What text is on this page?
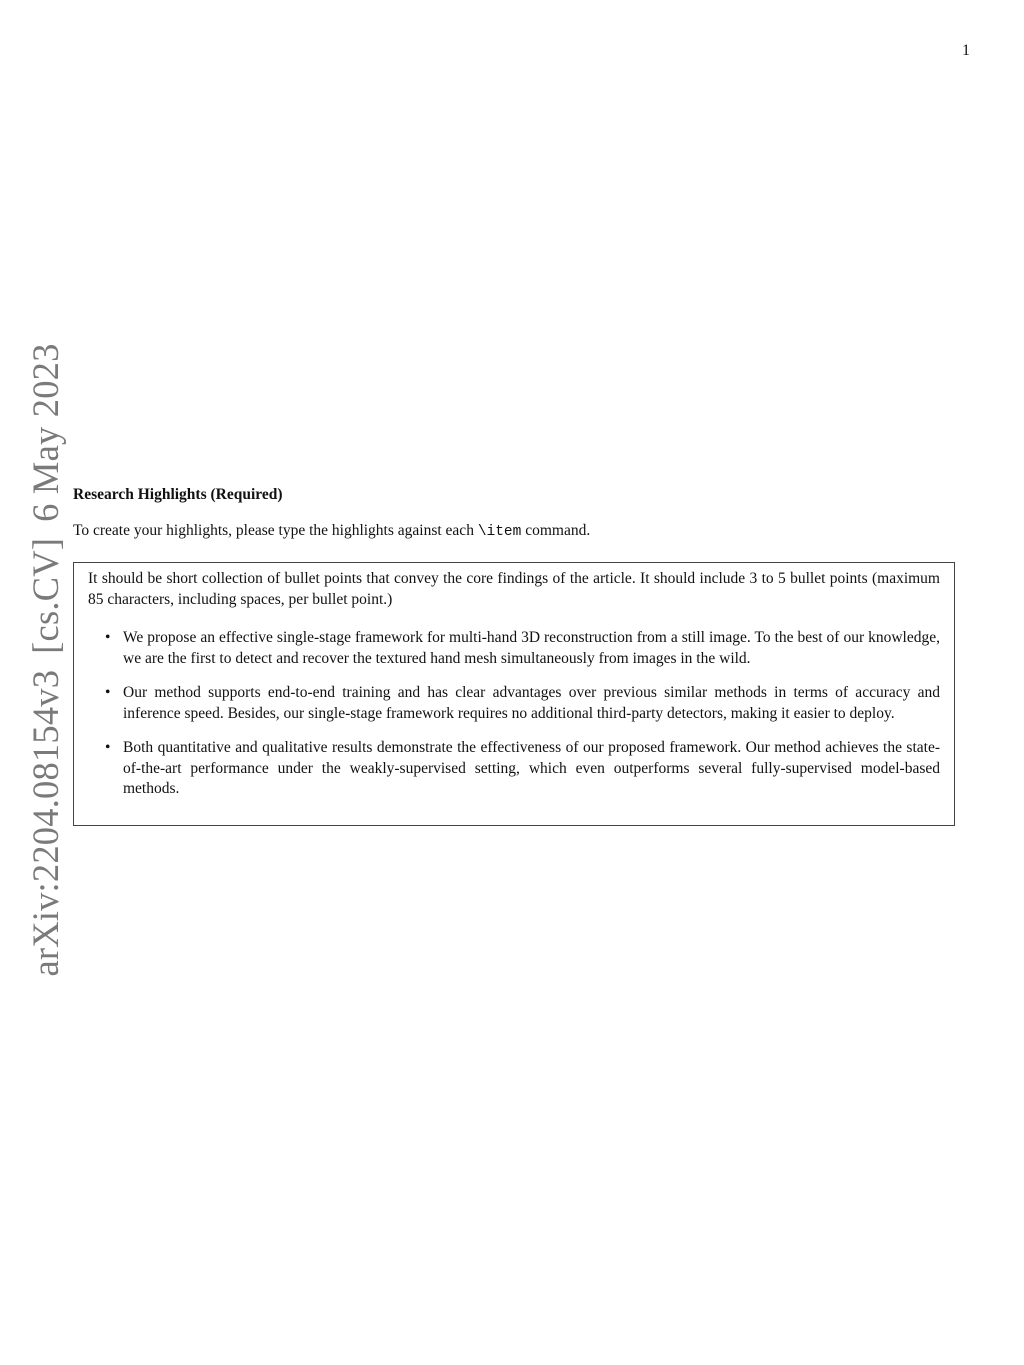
1
arXiv:2204.08154v3[cs.CV]6 May 2023 Research Highlights (Required)
To create your highlights, please type the highlights against each \item command.

It should be short collection of bullet points that convey the core findings of the article. It should include 3 to 5 bullet points (maximum 85 characters, including spaces, per bullet point.)

• We propose an effective single-stage framework for multi-hand 3D reconstruction from a still image. To the best of our knowledge, we are the first to detect and recover the textured hand mesh simultaneously from images in the wild.
• Our method supports end-to-end training and has clear advantages over previous similar methods in terms of accuracy and inference speed. Besides, our single-stage framework requires no additional third-party detectors, making it easier to deploy.
• Both quantitative and qualitative results demonstrate the effectiveness of our proposed framework. Our method achieves the state-of-the-art performance under the weakly-supervised setting, which even outperforms several fully-supervised model-based methods.
